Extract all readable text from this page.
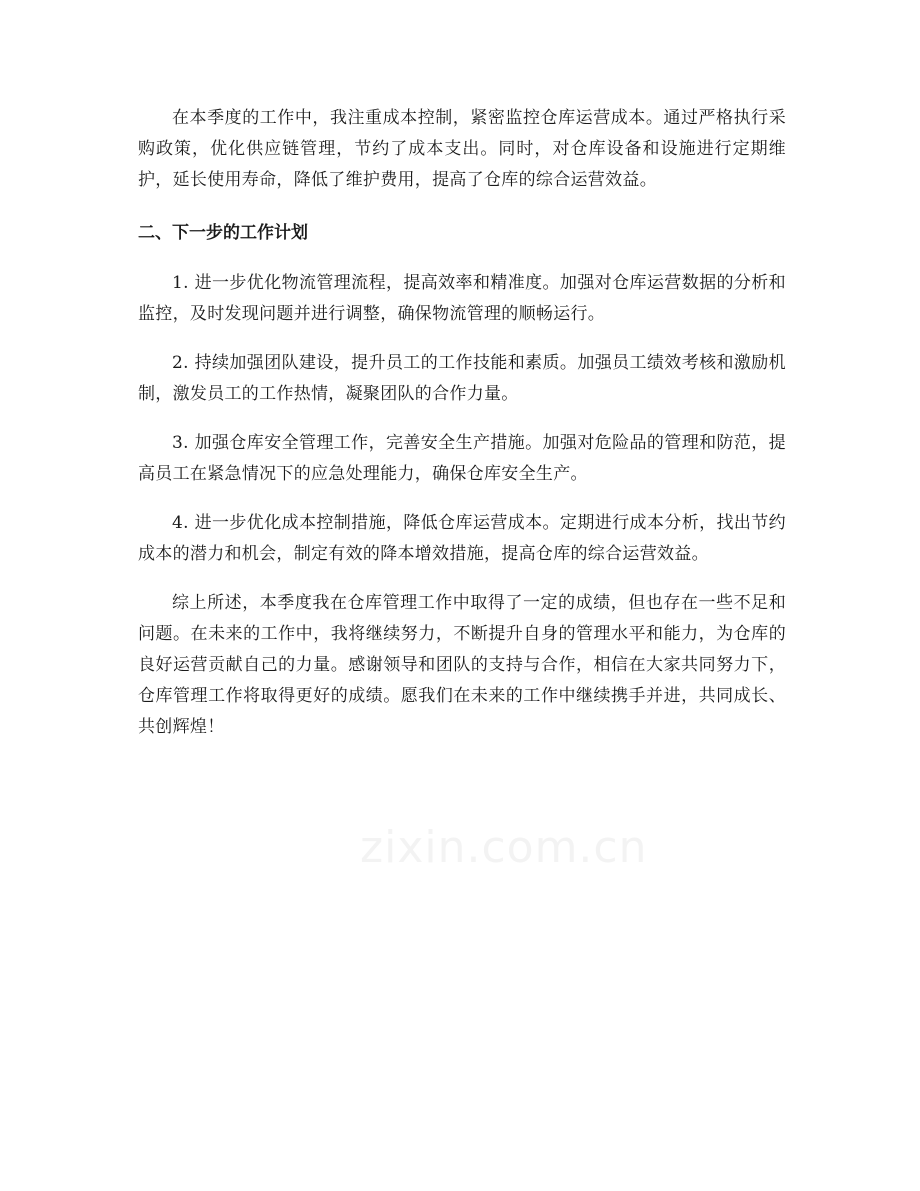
在本季度的工作中，我注重成本控制，紧密监控仓库运营成本。通过严格执行采购政策，优化供应链管理，节约了成本支出。同时，对仓库设备和设施进行定期维护，延长使用寿命，降低了维护费用，提高了仓库的综合运营效益。

二、下一步的工作计划

1. 进一步优化物流管理流程，提高效率和精准度。加强对仓库运营数据的分析和监控，及时发现问题并进行调整，确保物流管理的顺畅运行。

2. 持续加强团队建设，提升员工的工作技能和素质。加强员工绩效考核和激励机制，激发员工的工作热情，凝聚团队的合作力量。

3. 加强仓库安全管理工作，完善安全生产措施。加强对危险品的管理和防范，提高员工在紧急情况下的应急处理能力，确保仓库安全生产。

4. 进一步优化成本控制措施，降低仓库运营成本。定期进行成本分析，找出节约成本的潜力和机会，制定有效的降本增效措施，提高仓库的综合运营效益。

综上所述，本季度我在仓库管理工作中取得了一定的成绩，但也存在一些不足和问题。在未来的工作中，我将继续努力，不断提升自身的管理水平和能力，为仓库的良好运营贡献自己的力量。感谢领导和团队的支持与合作，相信在大家共同努力下，仓库管理工作将取得更好的成绩。愿我们在未来的工作中继续携手并进，共同成长、共创辉煌！

zixin.com.cn
